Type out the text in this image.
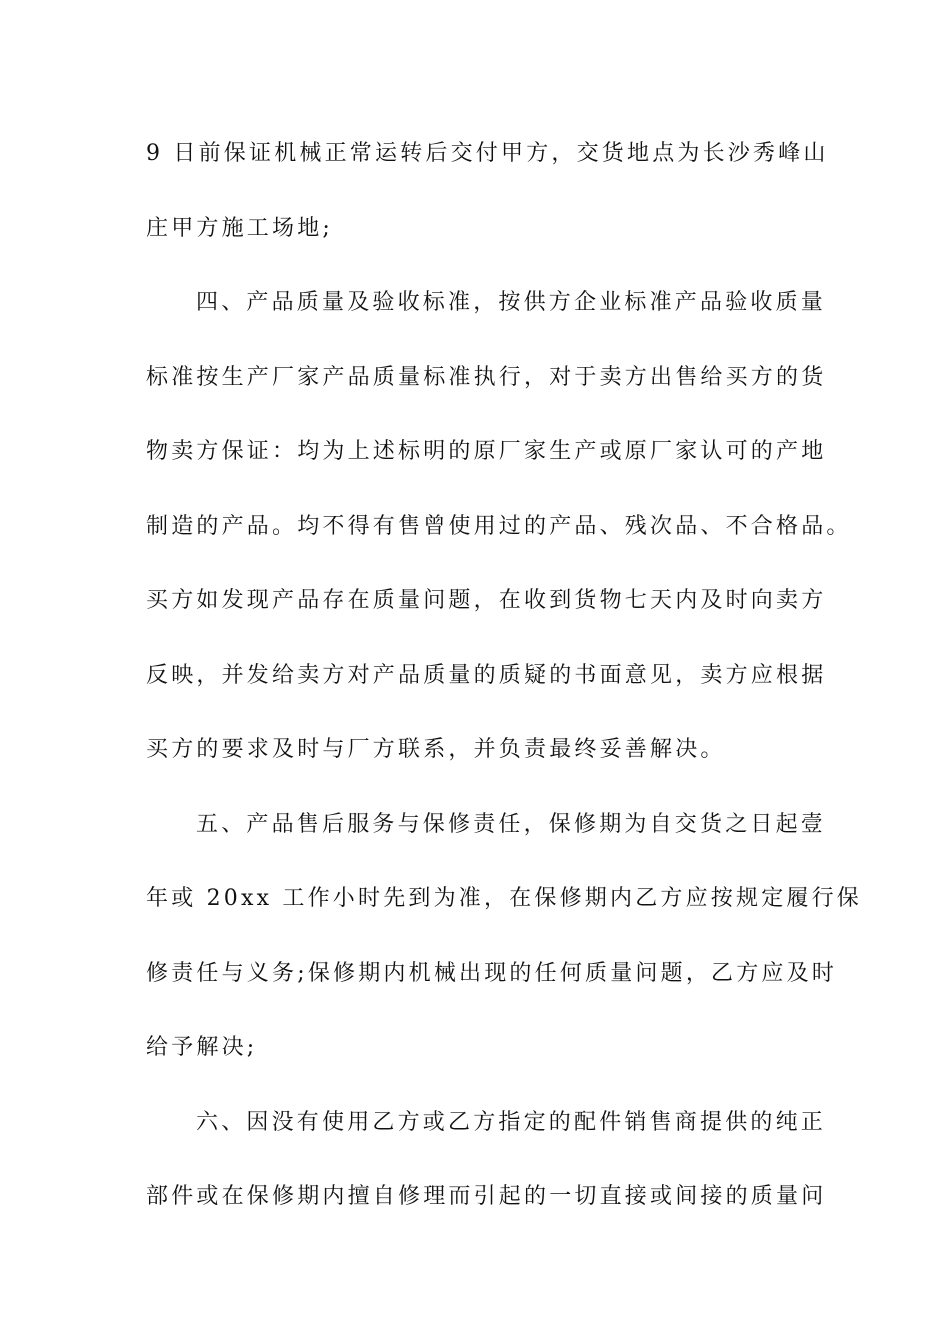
9 日前保证机械正常运转后交付甲方，交货地点为长沙秀峰山
庄甲方施工场地;
四、产品质量及验收标准，按供方企业标准产品验收质量
标准按生产厂家产品质量标准执行，对于卖方出售给买方的货
物卖方保证：均为上述标明的原厂家生产或原厂家认可的产地
制造的产品。均不得有售曾使用过的产品、残次品、不合格品。
买方如发现产品存在质量问题，在收到货物七天内及时向卖方
反映，并发给卖方对产品质量的质疑的书面意见，卖方应根据
买方的要求及时与厂方联系，并负责最终妥善解决。
五、产品售后服务与保修责任，保修期为自交货之日起壹
年或 20xx 工作小时先到为准，在保修期内乙方应按规定履行保
修责任与义务;保修期内机械出现的任何质量问题，乙方应及时
给予解决;
六、因没有使用乙方或乙方指定的配件销售商提供的纯正
部件或在保修期内擅自修理而引起的一切直接或间接的质量问
